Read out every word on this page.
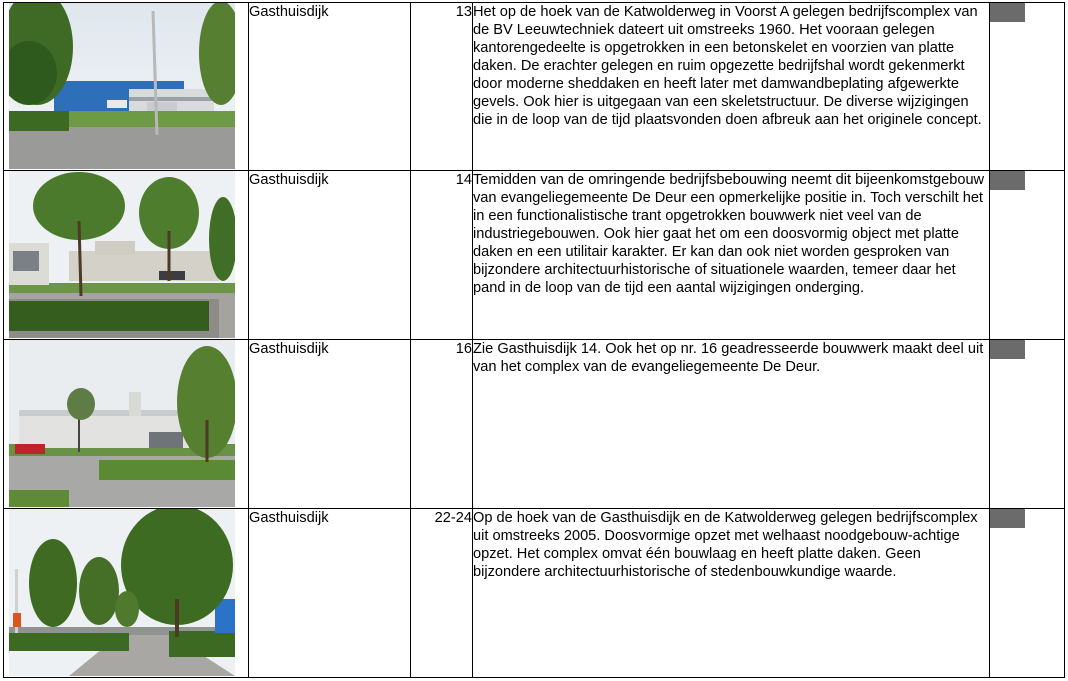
	Gasthuisdijk	13	Het op de hoek van de Katwolderweg in Voorst A gelegen bedrijfscomplex van de BV Leeuwtechniek dateert uit omstreeks 1960. Het vooraan gelegen kantorengedeelte is opgetrokken in een betonskelet en voorzien van platte daken. De erachter gelegen en ruim opgezette bedrijfshal wordt gekenmerkt door moderne sheddaken en heeft later met damwandbeplating afgewerkte gevels. Ook hier is uitgegaan van een skeletstructuur. De diverse wijzigingen die in de loop van de tijd plaatsvonden doen afbreuk aan het originele concept.	

	Gasthuisdijk	14	Temidden van de omringende bedrijfsbebouwing neemt dit bijeenkomstgebouw van evangeliegemeente De Deur een opmerkelijke positie in. Toch verschilt het in een functionalistische trant opgetrokken bouwwerk niet veel van de industriegebouwen. Ook hier gaat het om een doosvormig object met platte daken en een utilitair karakter. Er kan dan ook niet worden gesproken van bijzondere architectuurhistorische of situationele waarden, temeer daar het pand in de loop van de tijd een aantal wijzigingen onderging.	

	Gasthuisdijk	16	Zie Gasthuisdijk 14. Ook het op nr. 16 geadresseerde bouwwerk maakt deel uit van het complex van de evangeliegemeente De Deur.	

	Gasthuisdijk	22-24	Op de hoek van de Gasthuisdijk en de Katwolderweg gelegen bedrijfscomplex uit omstreeks 2005. Doosvormige opzet met welhaast noodgebouw-achtige opzet. Het complex omvat één bouwlaag en heeft platte daken. Geen bijzondere architectuurhistorische of stedenbouwkundige waarde.	
